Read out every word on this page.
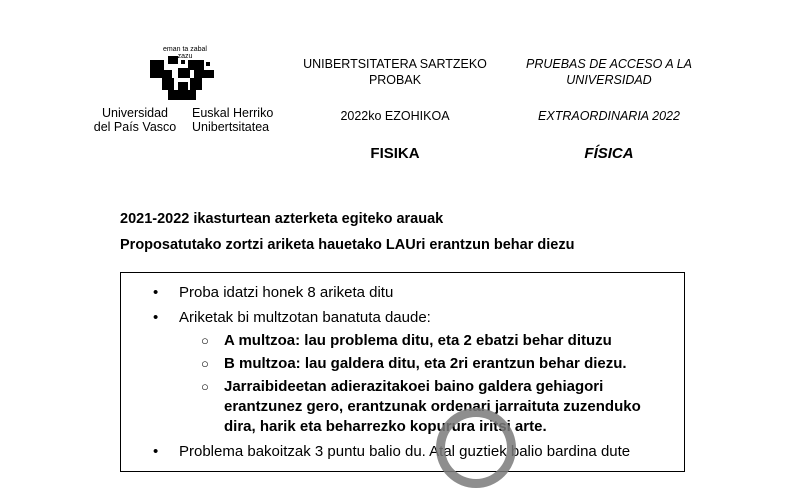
eman ta zabal zazu
Universidad
del País Vasco
Euskal Herriko
Unibertsitatea
UNIBERTSITATERA SARTZEKO
PROBAK
2022ko EZOHIKOA
FISIKA
PRUEBAS DE ACCESO A LA
UNIVERSIDAD
EXTRAORDINARIA 2022
FÍSICA
2021-2022 ikasturtean azterketa egiteko arauak
Proposatutako zortzi ariketa hauetako LAUri erantzun behar diezu
• Proba idatzi honek 8 ariketa ditu
• Ariketak bi multzotan banatuta daude:
○ A multzoa: lau problema ditu, eta 2 ebatzi behar dituzu
○ B multzoa: lau galdera ditu, eta 2ri erantzun behar diezu.
○ Jarraibideetan adierazitakoei baino galdera gehiagori erantzunez gero, erantzunak ordenari jarraituta zuzenduko dira, harik eta beharrezko kopurura iritsi arte.
• Problema bakoitzak 3 puntu balio du. Atal guztiek balio bardina dute
